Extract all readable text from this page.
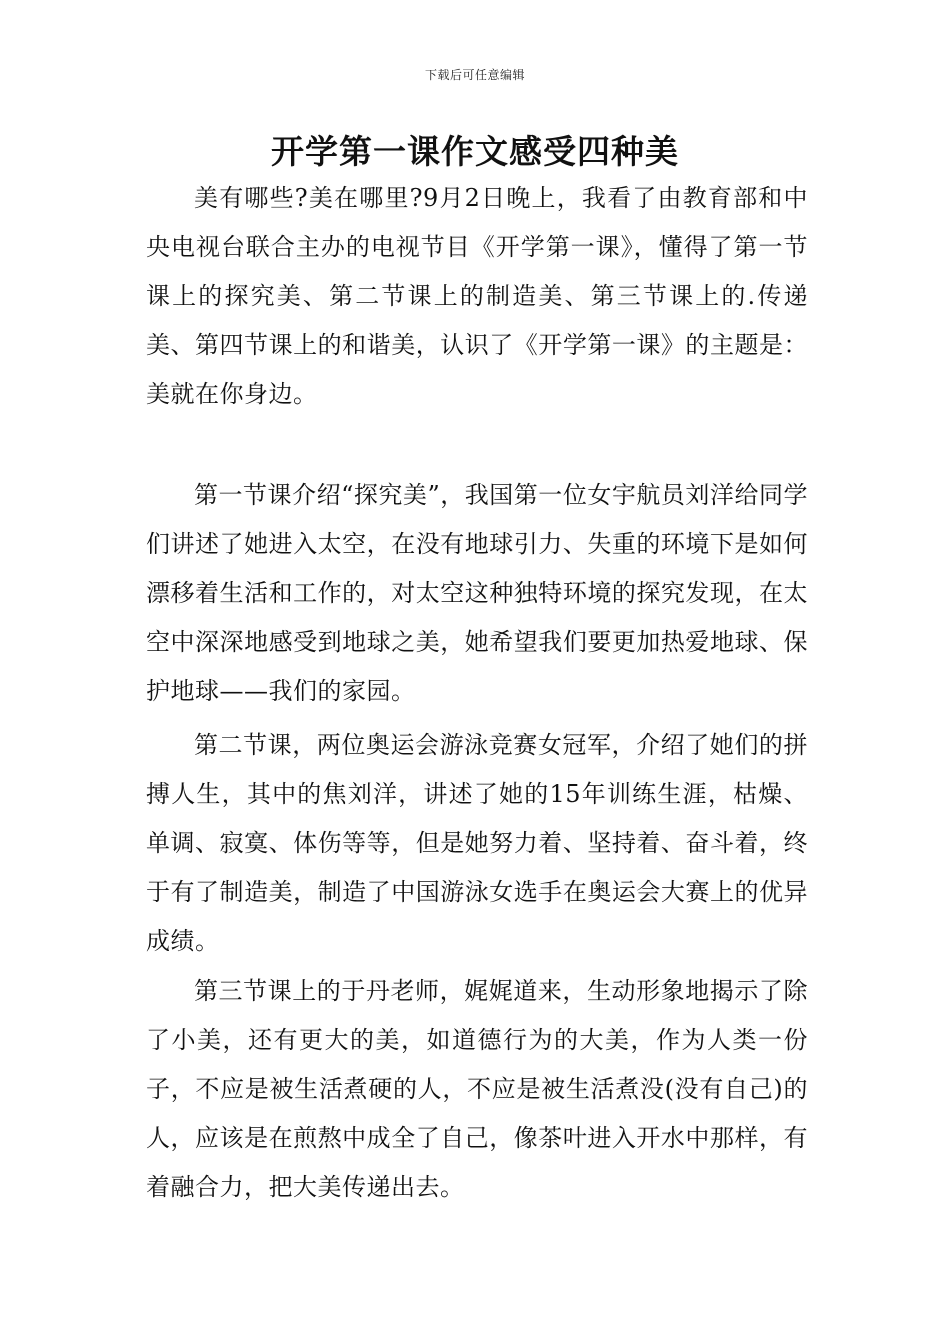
下载后可任意编辑
开学第一课作文感受四种美

美有哪些?美在哪里?9月2日晚上，我看了由教育部和中央电视台联合主办的电视节目《开学第一课》，懂得了第一节课上的探究美、第二节课上的制造美、第三节课上的.传递美、第四节课上的和谐美，认识了《开学第一课》的主题是：美就在你身边。

第一节课介绍“探究美”，我国第一位女宇航员刘洋给同学们讲述了她进入太空，在没有地球引力、失重的环境下是如何漂移着生活和工作的，对太空这种独特环境的探究发现，在太空中深深地感受到地球之美，她希望我们要更加热爱地球、保护地球——我们的家园。

第二节课，两位奥运会游泳竞赛女冠军，介绍了她们的拼搏人生，其中的焦刘洋，讲述了她的15年训练生涯，枯燥、单调、寂寞、体伤等等，但是她努力着、坚持着、奋斗着，终于有了制造美，制造了中国游泳女选手在奥运会大赛上的优异成绩。

第三节课上的于丹老师，娓娓道来，生动形象地揭示了除了小美，还有更大的美，如道德行为的大美，作为人类一份子，不应是被生活煮硬的人，不应是被生活煮没(没有自己)的人，应该是在煎熬中成全了自己，像茶叶进入开水中那样，有着融合力，把大美传递出去。
